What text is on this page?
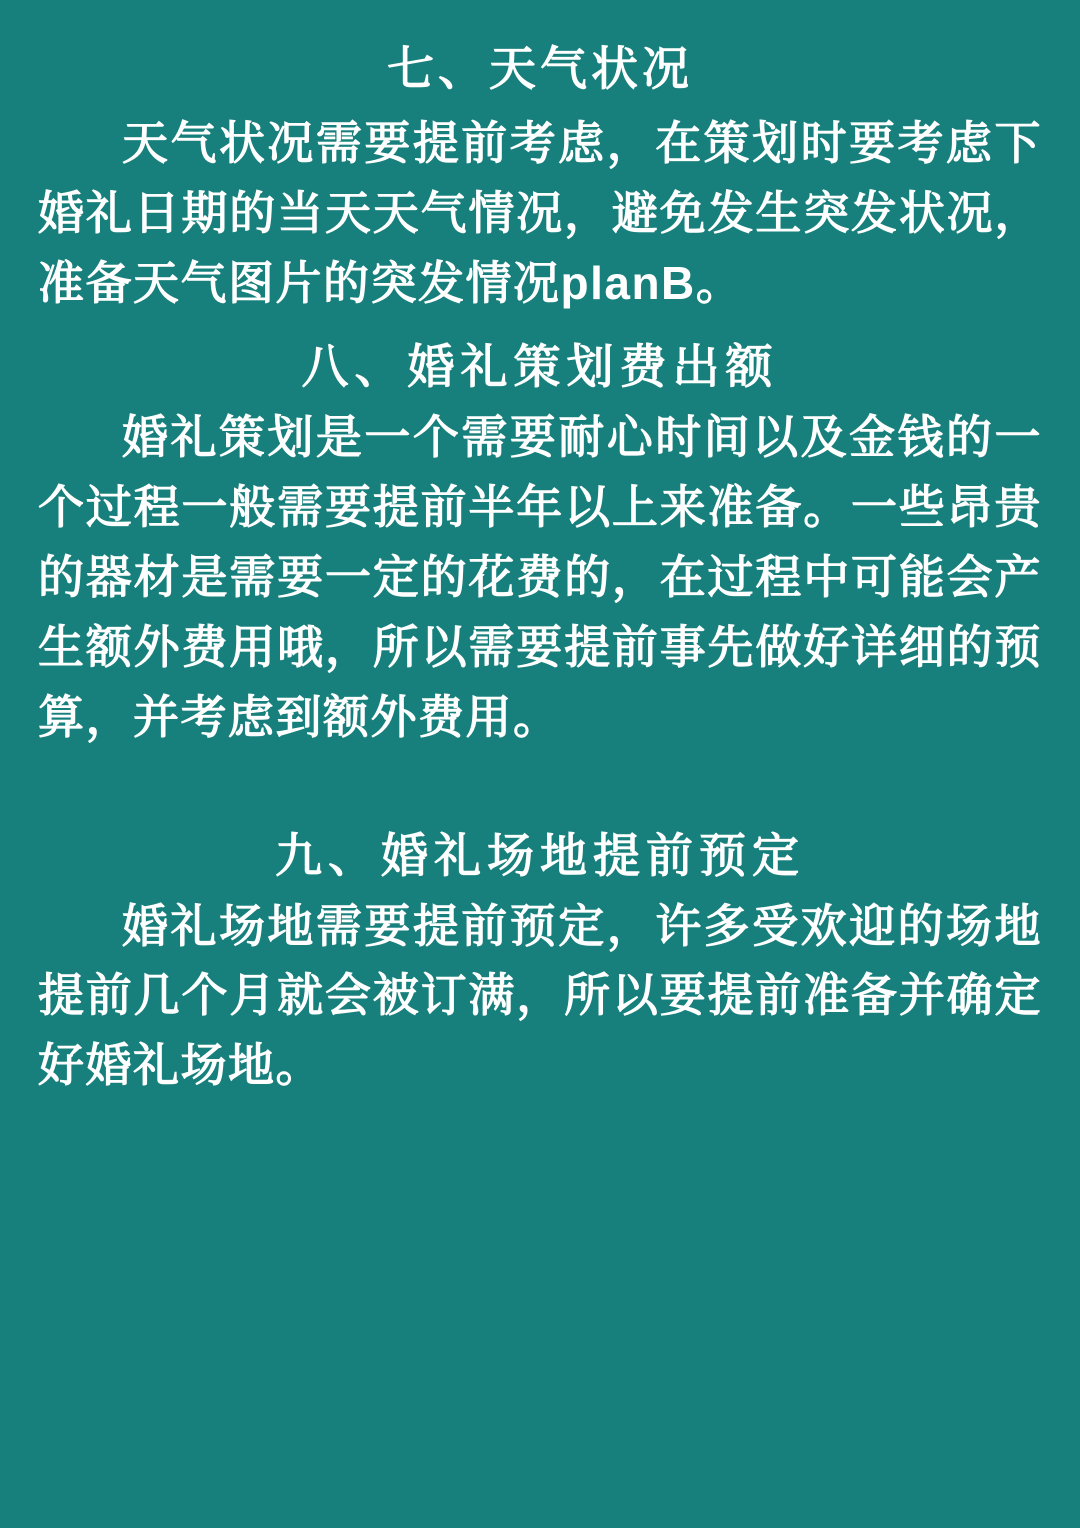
七、天气状况

天气状况需要提前考虑，在策划时要考虑下婚礼日期的当天天气情况，避免发生突发状况，准备天气图片的突发情况planB。

八、婚礼策划费出额

婚礼策划是一个需要耐心时间以及金钱的一个过程一般需要提前半年以上来准备。一些昂贵的器材是需要一定的花费的，在过程中可能会产生额外费用哦，所以需要提前事先做好详细的预算，并考虑到额外费用。

九、婚礼场地提前预定

婚礼场地需要提前预定，许多受欢迎的场地提前几个月就会被订满，所以要提前准备并确定好婚礼场地。
